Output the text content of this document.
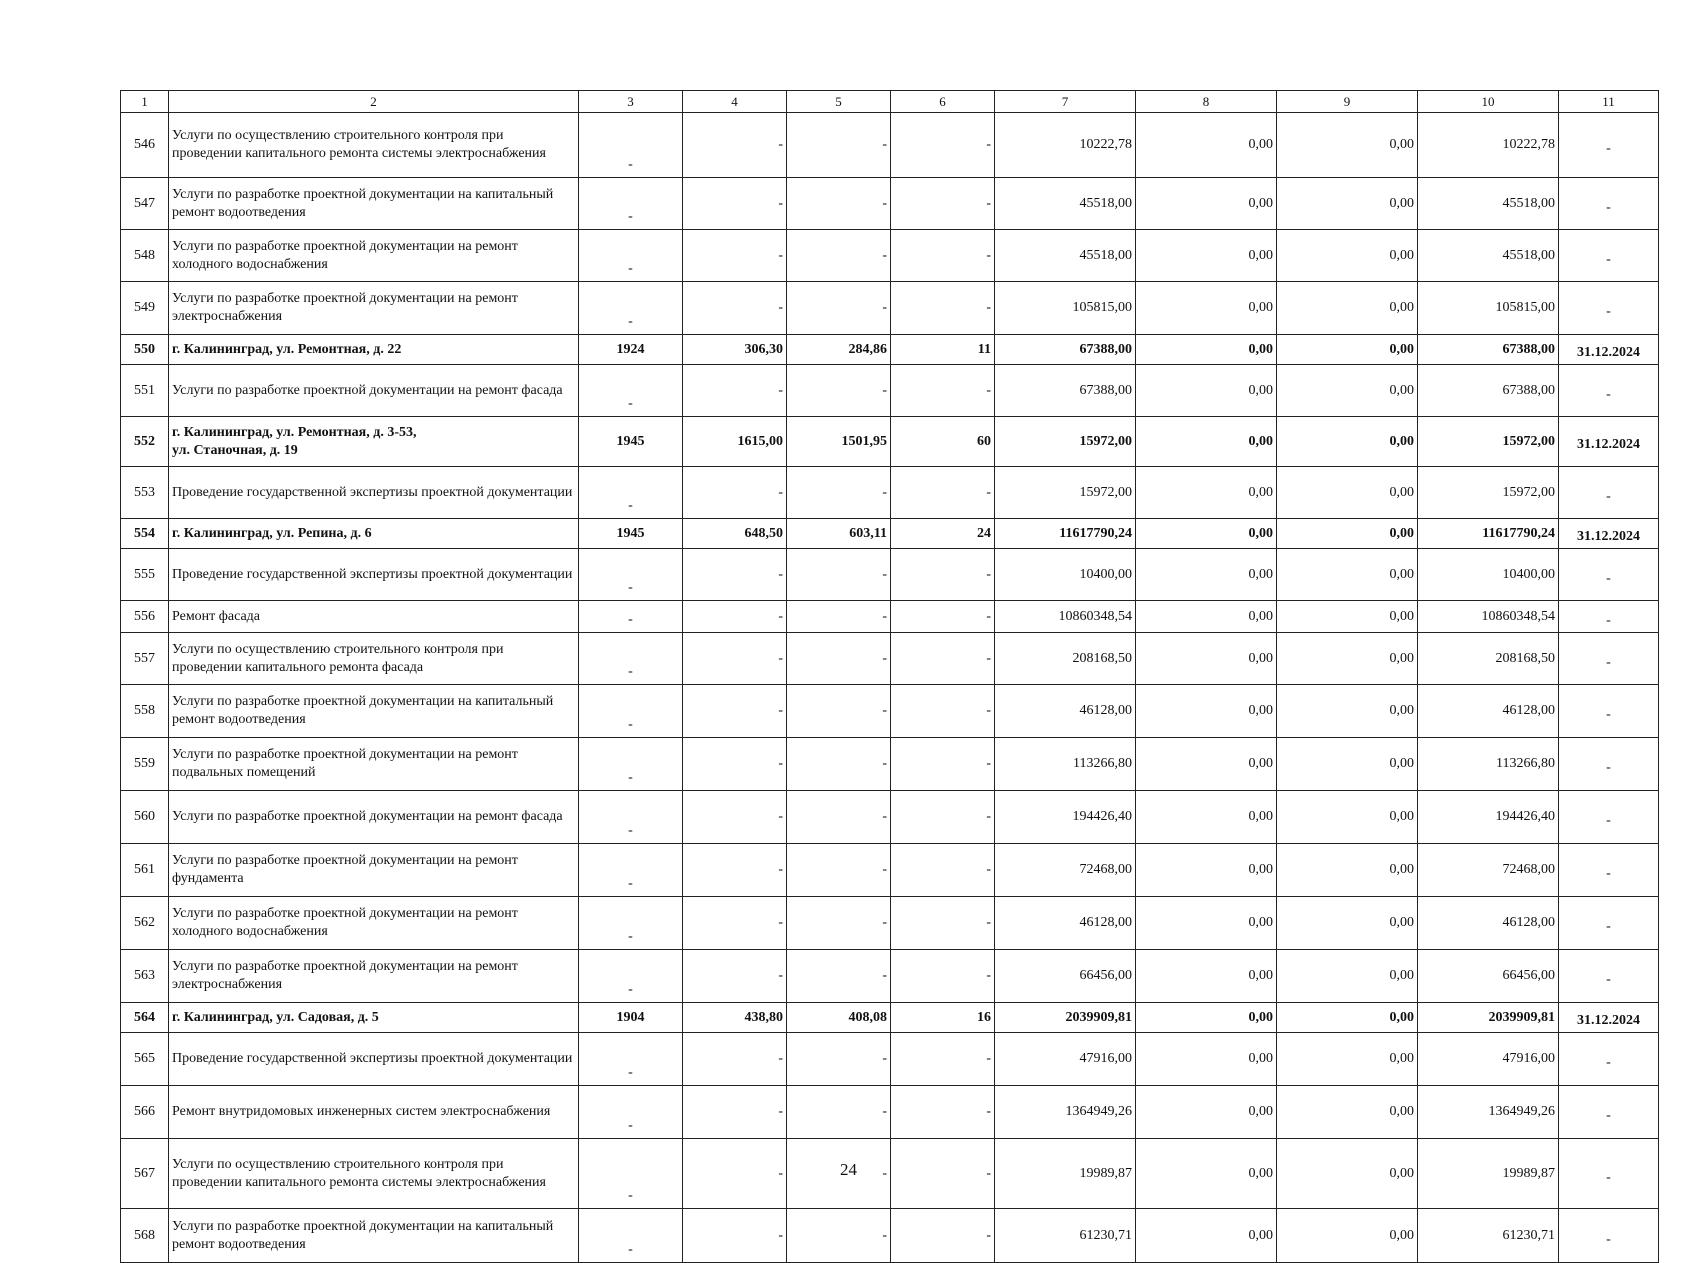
1	2	3	4	5	6	7	8	9	10	11
546	Услуги по осуществлению строительного контроля при проведении капитального ремонта системы электроснабжения	-	-	-	-	10222,78	0,00	0,00	10222,78	-
547	Услуги по разработке проектной документации на капитальный ремонт водоотведения	-	-	-	-	45518,00	0,00	0,00	45518,00	-
548	Услуги по разработке проектной документации на ремонт холодного водоснабжения	-	-	-	-	45518,00	0,00	0,00	45518,00	-
549	Услуги по разработке проектной документации на ремонт электроснабжения	-	-	-	-	105815,00	0,00	0,00	105815,00	-
550	г. Калининград, ул. Ремонтная, д. 22	1924	306,30	284,86	11	67388,00	0,00	0,00	67388,00	31.12.2024
551	Услуги по разработке проектной документации на ремонт фасада	-	-	-	-	67388,00	0,00	0,00	67388,00	-
552	г. Калининград, ул. Ремонтная, д. 3-53,
ул. Станочная, д. 19	1945	1615,00	1501,95	60	15972,00	0,00	0,00	15972,00	31.12.2024
553	Проведение государственной экспертизы проектной документации	-	-	-	-	15972,00	0,00	0,00	15972,00	-
554	г. Калининград, ул. Репина, д. 6	1945	648,50	603,11	24	11617790,24	0,00	0,00	11617790,24	31.12.2024
555	Проведение государственной экспертизы проектной документации	-	-	-	-	10400,00	0,00	0,00	10400,00	-
556	Ремонт фасада	-	-	-	-	10860348,54	0,00	0,00	10860348,54	-
557	Услуги по осуществлению строительного контроля при проведении капитального ремонта фасада	-	-	-	-	208168,50	0,00	0,00	208168,50	-
558	Услуги по разработке проектной документации на капитальный ремонт водоотведения	-	-	-	-	46128,00	0,00	0,00	46128,00	-
559	Услуги по разработке проектной документации на ремонт подвальных помещений	-	-	-	-	113266,80	0,00	0,00	113266,80	-
560	Услуги по разработке проектной документации на ремонт фасада	-	-	-	-	194426,40	0,00	0,00	194426,40	-
561	Услуги по разработке проектной документации на ремонт фундамента	-	-	-	-	72468,00	0,00	0,00	72468,00	-
562	Услуги по разработке проектной документации на ремонт холодного водоснабжения	-	-	-	-	46128,00	0,00	0,00	46128,00	-
563	Услуги по разработке проектной документации на ремонт электроснабжения	-	-	-	-	66456,00	0,00	0,00	66456,00	-
564	г. Калининград, ул. Садовая, д. 5	1904	438,80	408,08	16	2039909,81	0,00	0,00	2039909,81	31.12.2024
565	Проведение государственной экспертизы проектной документации	-	-	-	-	47916,00	0,00	0,00	47916,00	-
566	Ремонт внутридомовых инженерных систем электроснабжения	-	-	-	-	1364949,26	0,00	0,00	1364949,26	-
567	Услуги по осуществлению строительного контроля при проведении капитального ремонта системы электроснабжения	-	-	-	-	19989,87	0,00	0,00	19989,87	-
568	Услуги по разработке проектной документации на капитальный ремонт водоотведения	-	-	-	-	61230,71	0,00	0,00	61230,71	-
24
